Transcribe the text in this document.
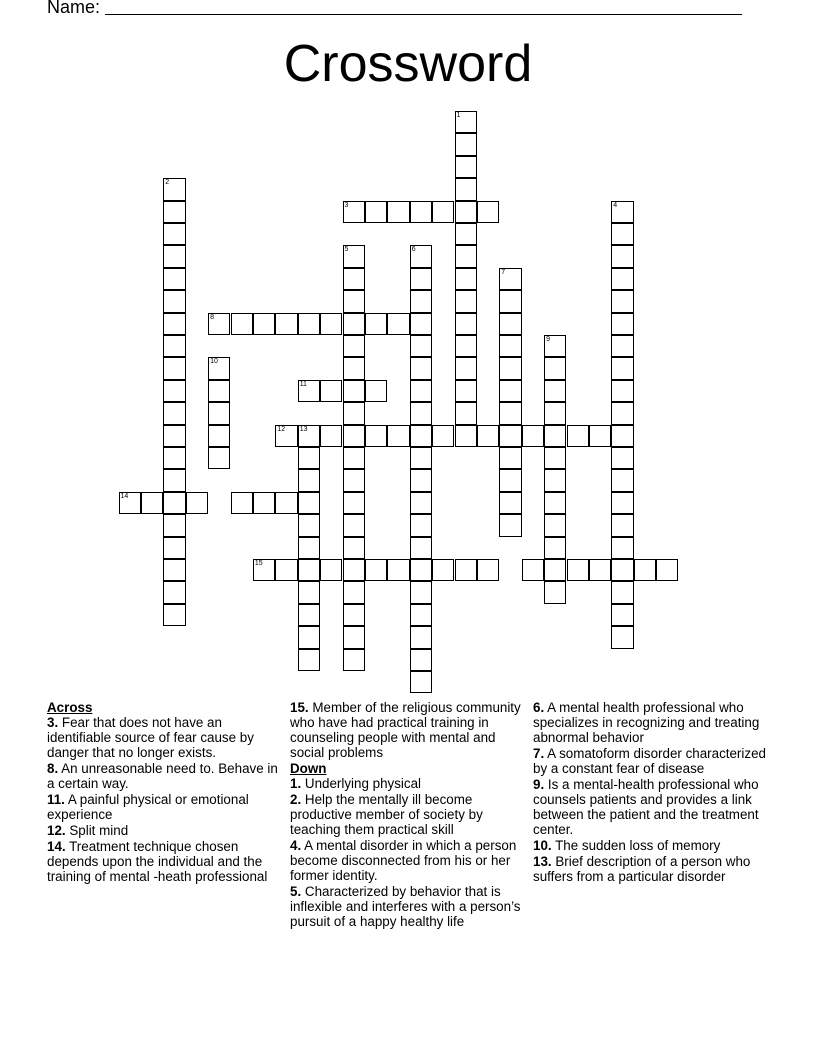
Name:
Crossword
1
2
3	4
5	6
7
8
9
10
11
12 13
14
15
Across
3. Fear that does not have an identifiable source of fear cause by danger that no longer exists.
8. An unreasonable need to. Behave in a certain way.
11. A painful physical or emotional experience
12. Split mind
14. Treatment technique chosen depends upon the individual and the training of mental -heath professional
15. Member of the religious community who have had practical training in counseling people with mental and social problems
Down
1. Underlying physical
2. Help the mentally ill become productive member of society by teaching them practical skill
4. A mental disorder in which a person become disconnected from his or her former identity.
5. Characterized by behavior that is inflexible and interferes with a person’s pursuit of a happy healthy life
6. A mental health professional who specializes in recognizing and treating abnormal behavior
7. A somatoform disorder characterized by a constant fear of disease
9. Is a mental-health professional who counsels patients and provides a link between the patient and the treatment center.
10. The sudden loss of memory
13. Brief description of a person who suffers from a particular disorder
